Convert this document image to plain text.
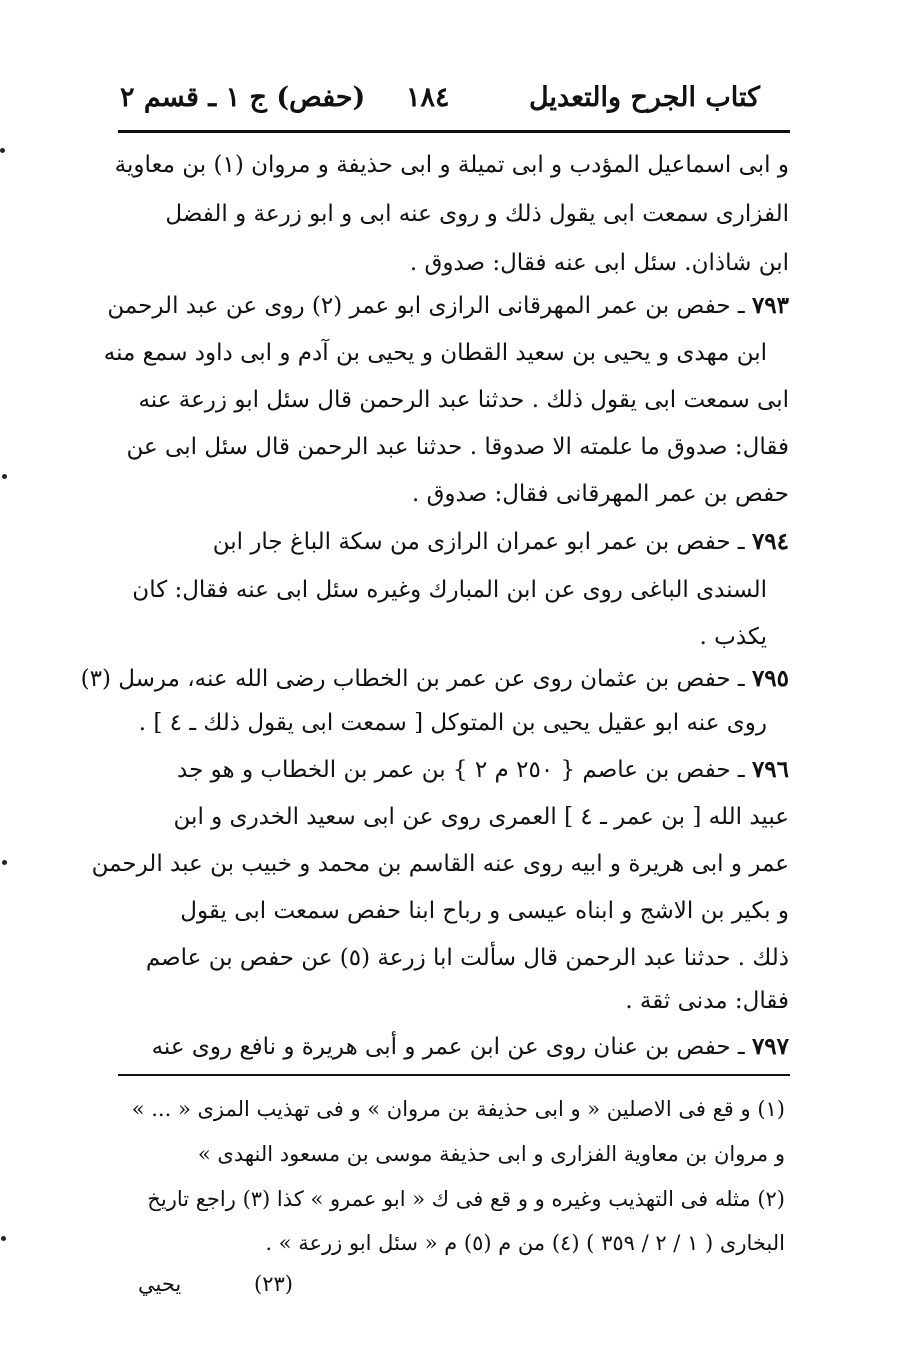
كتاب الجرح والتعديل
١٨٤
(حفص) ج ١ ـ قسم ٢
و ابى اسماعيل المؤدب و ابى تميلة و ابى حذيفة و مروان (١) بن معاوية
الفزارى سمعت ابى يقول ذلك و روى عنه ابى و ابو زرعة و الفضل
ابن شاذان. سئل ابى عنه فقال: صدوق .
٧٩٣ ـ حفص بن عمر المهرقانى الرازى ابو عمر (٢) روى عن عبد الرحمن
ابن مهدى و يحيى بن سعيد القطان و يحيى بن آدم و ابى داود سمع منه
ابى سمعت ابى يقول ذلك . حدثنا عبد الرحمن قال سئل ابو زرعة عنه
فقال: صدوق ما علمته الا صدوقا . حدثنا عبد الرحمن قال سئل ابى عن
حفص بن عمر المهرقانى فقال: صدوق .
٧٩٤ ـ حفص بن عمر ابو عمران الرازى من سكة الباغ جار ابن
السندى الباغى روى عن ابن المبارك وغيره سئل ابى عنه فقال: كان
يكذب .
٧٩٥ ـ حفص بن عثمان روى عن عمر بن الخطاب رضى الله عنه، مرسل (٣)
روى عنه ابو عقيل يحيى بن المتوكل [ سمعت ابى يقول ذلك ـ ٤ ] .
٧٩٦ ـ حفص بن عاصم { ٢٥٠ م ٢ } بن عمر بن الخطاب و هو جد
عبيد الله [ بن عمر ـ ٤ ] العمرى روى عن ابى سعيد الخدرى و ابن
عمر و ابى هريرة و ابيه روى عنه القاسم بن محمد و خبيب بن عبد الرحمن
و بكير بن الاشج و ابناه عيسى و رباح ابنا حفص سمعت ابى يقول
ذلك . حدثنا عبد الرحمن قال سألت ابا زرعة (٥) عن حفص بن عاصم
فقال: مدنى ثقة .
٧٩٧ ـ حفص بن عنان روى عن ابن عمر و أبى هريرة و نافع روى عنه
(١) و قع فى الاصلين « و ابى حذيفة بن مروان » و فى تهذيب المزى « ... »
و مروان بن معاوية الفزارى و ابى حذيفة موسى بن مسعود النهدى »
(٢) مثله فى التهذيب وغيره و و قع فى ك « ابو عمرو » كذا (٣) راجع تاريخ
البخارى ( ١ / ٢ / ٣٥٩ ) (٤) من م (٥) م « سئل ابو زرعة » .
يحيي	(٢٣)
